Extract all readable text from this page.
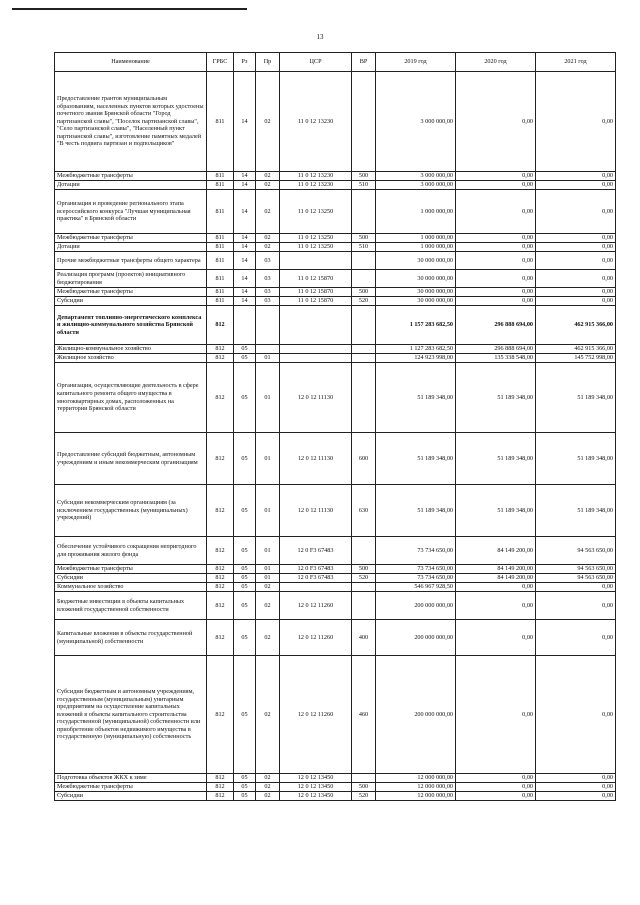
13
Наименование	ГРБС	Рз	Пр	ЦСР	ВР	2019 год	2020 год	2021 год
Предоставление грантов муниципальным образованиям, населенных пунктов которых удостоены почетного звания Брянской области "Город партизанской славы", "Поселок партизанской славы", "Село партизанской славы", "Населенный пункт партизанской славы", изготовление памятных медалей "В честь подвига партизан и подпольщиков"	811	14	02	11 0 12 13230		3 000 000,00	0,00	0,00
Межбюджетные трансферты	811	14	02	11 0 12 13230	500	3 000 000,00	0,00	0,00
Дотации	811	14	02	11 0 12 13230	510	3 000 000,00	0,00	0,00
Организация и проведение регионального этапа всероссийского конкурса "Лучшая муниципальная практика" в Брянской области	811	14	02	11 0 12 13250		1 000 000,00	0,00	0,00
Межбюджетные трансферты	811	14	02	11 0 12 13250	500	1 000 000,00	0,00	0,00
Дотации	811	14	02	11 0 12 13250	510	1 000 000,00	0,00	0,00
Прочие межбюджетные трансферты общего характера	811	14	03			30 000 000,00	0,00	0,00
Реализация программ (проектов) инициативного бюджетирования	811	14	03	11 0 12 15870		30 000 000,00	0,00	0,00
Межбюджетные трансферты	811	14	03	11 0 12 15870	500	30 000 000,00	0,00	0,00
Субсидии	811	14	03	11 0 12 15870	520	30 000 000,00	0,00	0,00
Департамент топливно-энергетического комплекса и жилищно-коммунального хозяйства Брянской области	812					1 157 283 682,50	296 888 694,00	462 915 366,00
Жилищно-коммунальное хозяйство	812	05				1 127 283 682,50	296 888 694,00	462 915 366,00
Жилищное хозяйство	812	05	01			124 923 998,00	135 338 548,00	145 752 998,00
Организация, осуществляющие деятельность в сфере капитального ремонта общего имущества в многоквартирных домах, расположенных на территории Брянской области	812	05	01	12 0 12 11130		51 189 348,00	51 189 348,00	51 189 348,00
Предоставление субсидий бюджетным, автономным учреждениям и иным некоммерческим организациям	812	05	01	12 0 12 11130	600	51 189 348,00	51 189 348,00	51 189 348,00
Субсидии некоммерческим организациям (за исключением государственных (муниципальных) учреждений)	812	05	01	12 0 12 11130	630	51 189 348,00	51 189 348,00	51 189 348,00
Обеспечение устойчивого сокращения непригодного для проживания жилого фонда	812	05	01	12 0 F3 67483		73 734 650,00	84 149 200,00	94 563 650,00
Межбюджетные трансферты	812	05	01	12 0 F3 67483	500	73 734 650,00	84 149 200,00	94 563 650,00
Субсидии	812	05	01	12 0 F3 67483	520	73 734 650,00	84 149 200,00	94 563 650,00
Коммунальное хозяйство	812	05	02			546 967 928,50	0,00	0,00
Бюджетные инвестиции в объекты капитальных вложений государственной собственности	812	05	02	12 0 12 11260		200 000 000,00	0,00	0,00
Капитальные вложения в объекты государственной (муниципальной) собственности	812	05	02	12 0 12 11260	400	200 000 000,00	0,00	0,00
Субсидии бюджетным и автономным учреждениям, государственным (муниципальным) унитарным предприятиям на осуществление капитальных вложений в объекты капитального строительства государственной (муниципальной) собственности или приобретение объектов недвижимого имущества в государственную (муниципальную) собственность	812	05	02	12 0 12 11260	460	200 000 000,00	0,00	0,00
Подготовка объектов ЖКХ к зиме	812	05	02	12 0 12 13450		12 000 000,00	0,00	0,00
Межбюджетные трансферты	812	05	02	12 0 12 13450	500	12 000 000,00	0,00	0,00
Субсидии	812	05	02	12 0 12 13450	520	12 000 000,00	0,00	0,00
